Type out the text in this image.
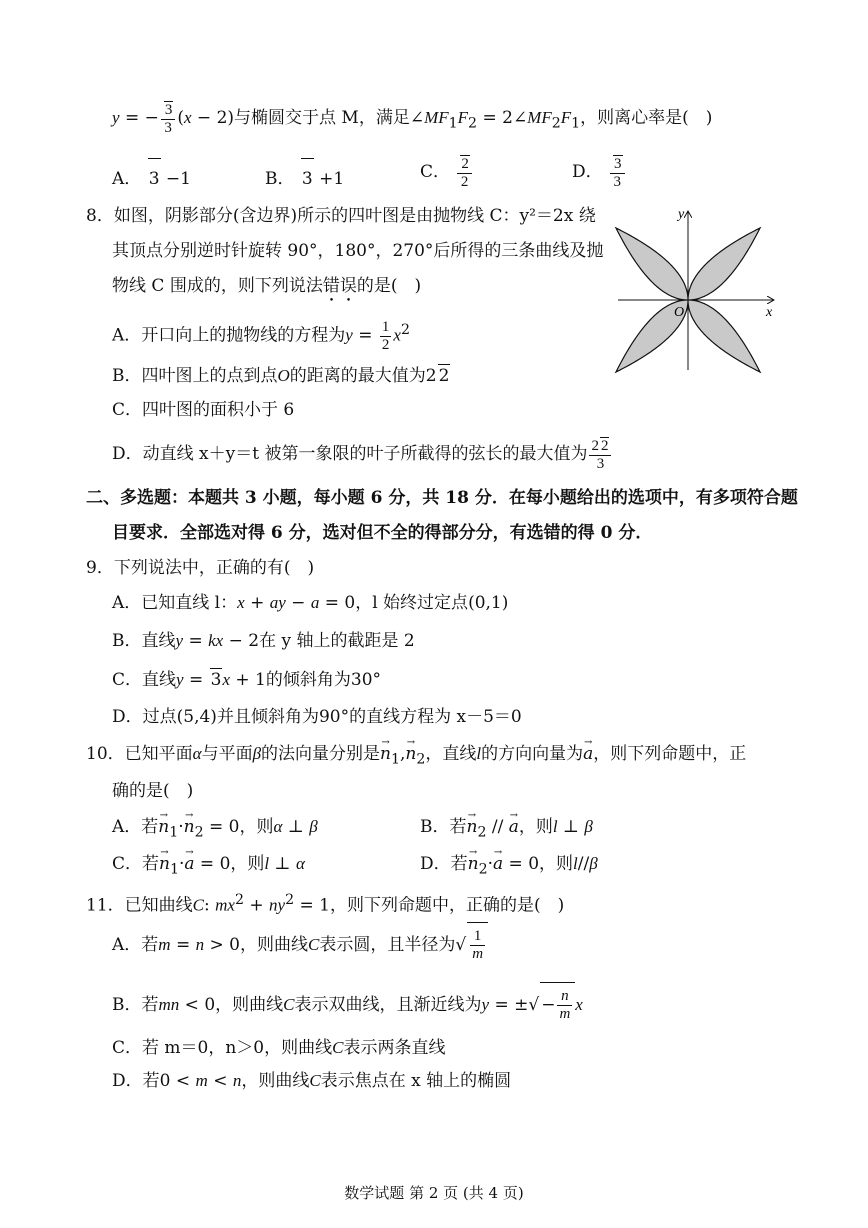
y = − $\frac{3}{3} (x - 2)$与椭圆交于点 M，满足$\angle MF_1F_2$ = $2\angle MF_2F_1$，则离心率是(　)
A． 3 −1	B． 3 +1	C． $\frac{2}{2}$	D． $\frac{3}{3}$
8．如图，阴影部分(含边界)所示的四叶图是由抛物线 C：y²＝2x 绕
其顶点分别逆时针旋转 90°，180°，270°后所得的三条曲线及抛
物线 C 围成的，则下列说法错误的是(　)
A．开口向上的抛物线的方程为$y = \frac{1}{2} x^2$
B．四叶图上的点到点O的距离的最大值为2 2
C．四叶图的面积小于 6
D．动直线 x＋y＝t 被第一象限的叶子所截得的弦长的最大值为 $\frac{2 2}{3}$
y
x
O
二、多选题：本题共 3 小题，每小题 6 分，共 18 分．在每小题给出的选项中，有多项符合题
目要求．全部选对得 6 分，选对但不全的得部分分，有选错的得 0 分．
9．下列说法中，正确的有(　)
A．已知直线 l：x + ay − a = 0，l 始终过定点(0,1)
B．直线y = kx − 2在 y 轴上的截距是 2
C．直线y = 3x + 1的倾斜角为30°
D．过点(5,4)并且倾斜角为90°的直线方程为 x－5＝0
10．已知平面α与平面β的法向量分别是→ $n_1,\to n_2$，直线l的方向向量为→ a，则下列命题中，正
确的是(　)
A．若→ $n_1\cdot\to n_2 = 0$，则α ⊥ β	B．若→ $n_2$ // → a，则l ⊥ β
C．若→ $n_1\cdot\to a = 0$，则l ⊥ α	D．若→ $n_2\cdot\to a = 0$，则l//β
11．已知曲线C: $mx^2 + ny^2 = 1$，则下列命题中，正确的是(　)
A．若m = n > 0，则曲线C表示圆，且半径为√ $\frac{1}{m}$
B．若mn < 0，则曲线C表示双曲线，且渐近线为y = ±√ − $\frac{n}{m}$ x
C．若 m＝0，n＞0，则曲线C表示两条直线
D．若0 < m < n，则曲线C表示焦点在 x 轴上的椭圆
数学试题 第 2 页 (共 4 页)
